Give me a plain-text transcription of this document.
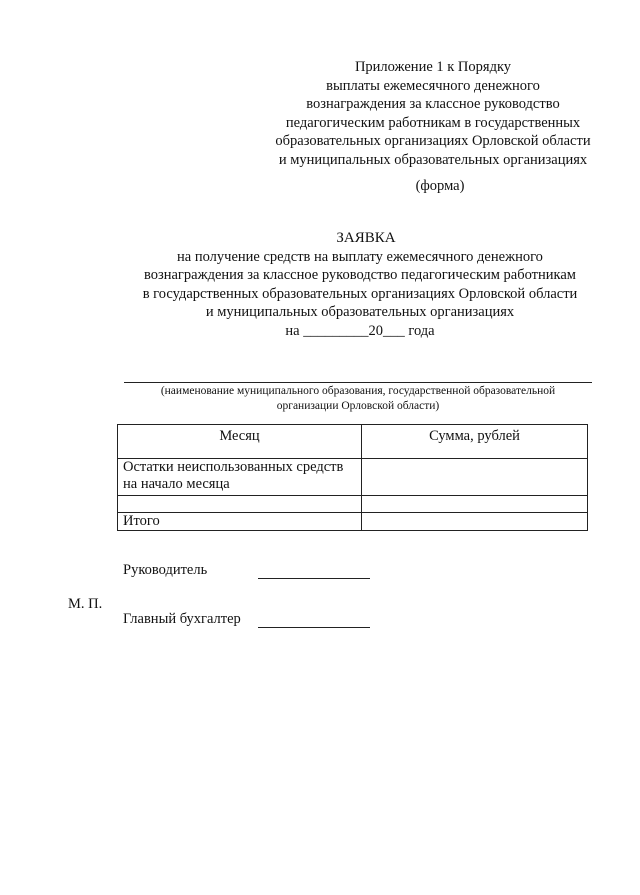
Приложение 1 к Порядку
выплаты ежемесячного денежного
вознаграждения за классное руководство
педагогическим работникам в государственных
образовательных организациях Орловской области
и муниципальных образовательных организациях
(форма)
ЗАЯВКА
на получение средств на выплату ежемесячного денежного
вознаграждения за классное руководство педагогическим работникам
в государственных образовательных организациях Орловской области
и муниципальных образовательных организациях
на _________20___ года
(наименование муниципального образования, государственной образовательной
организации Орловской области)
Месяц	Сумма, рублей
Остатки неиспользованных средств на начало месяца	

Итого	
Руководитель
М. П.
Главный бухгалтер
